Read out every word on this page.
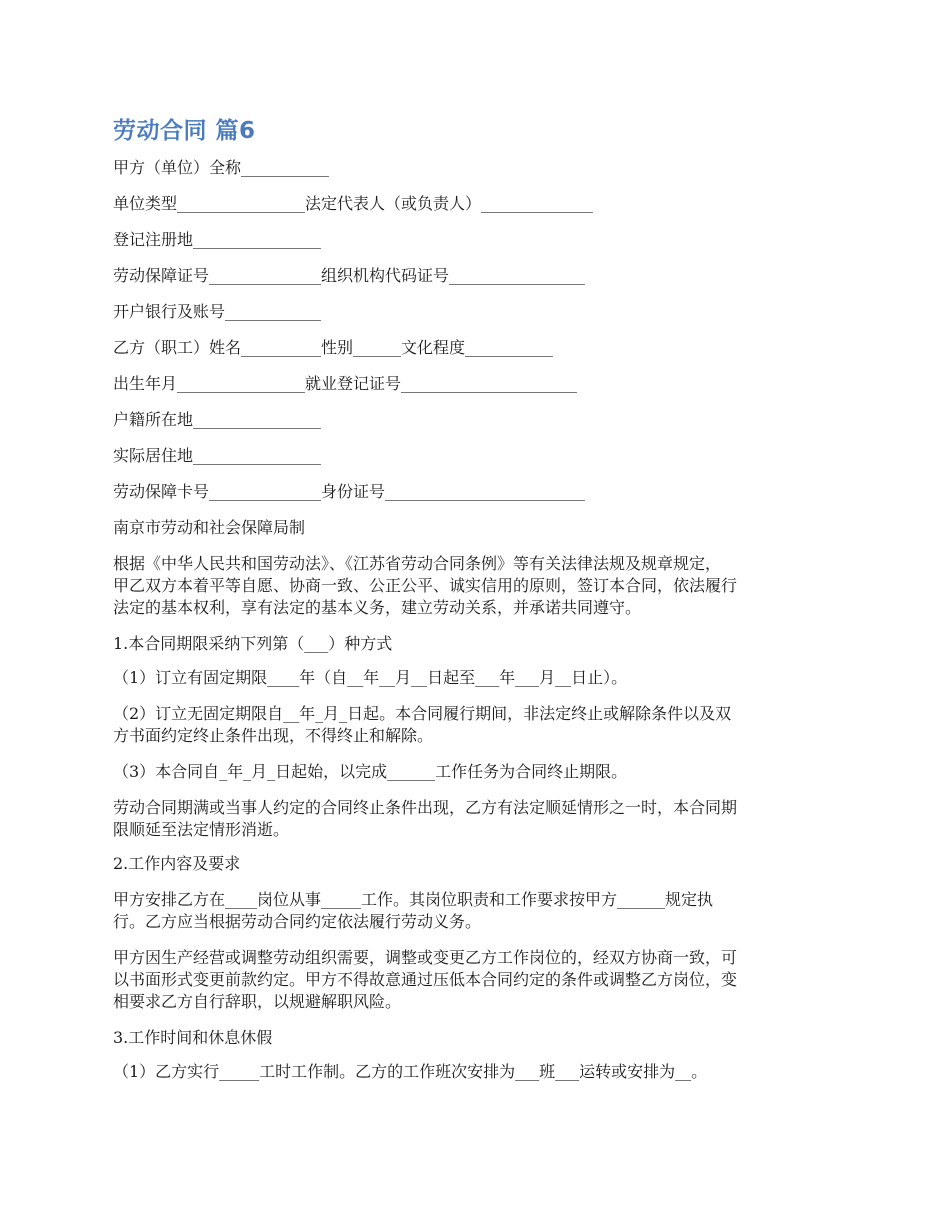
劳动合同 篇6
甲方（单位）全称___________
单位类型________________法定代表人（或负责人）______________
登记注册地________________
劳动保障证号______________组织机构代码证号_________________
开户银行及账号____________
乙方（职工）姓名__________性别______文化程度___________
出生年月________________就业登记证号______________________
户籍所在地________________
实际居住地________________
劳动保障卡号______________身份证号_________________________
南京市劳动和社会保障局制
根据《中华人民共和国劳动法》、《江苏省劳动合同条例》等有关法律法规及规章规定，
甲乙双方本着平等自愿、协商一致、公正公平、诚实信用的原则，签订本合同，依法履行
法定的基本权利，享有法定的基本义务，建立劳动关系，并承诺共同遵守。
1.本合同期限采纳下列第（___）种方式
（1）订立有固定期限____年（自__年__月__日起至___年___月__日止）。
（2）订立无固定期限自__年_月_日起。本合同履行期间，非法定终止或解除条件以及双
方书面约定终止条件出现，不得终止和解除。
（3）本合同自_年_月_日起始，以完成______工作任务为合同终止期限。
劳动合同期满或当事人约定的合同终止条件出现，乙方有法定顺延情形之一时，本合同期
限顺延至法定情形消逝。
2.工作内容及要求
甲方安排乙方在____岗位从事_____工作。其岗位职责和工作要求按甲方______规定执
行。乙方应当根据劳动合同约定依法履行劳动义务。
甲方因生产经营或调整劳动组织需要，调整或变更乙方工作岗位的，经双方协商一致，可
以书面形式变更前款约定。甲方不得故意通过压低本合同约定的条件或调整乙方岗位，变
相要求乙方自行辞职，以规避解职风险。
3.工作时间和休息休假
（1）乙方实行_____工时工作制。乙方的工作班次安排为___班___运转或安排为__。
